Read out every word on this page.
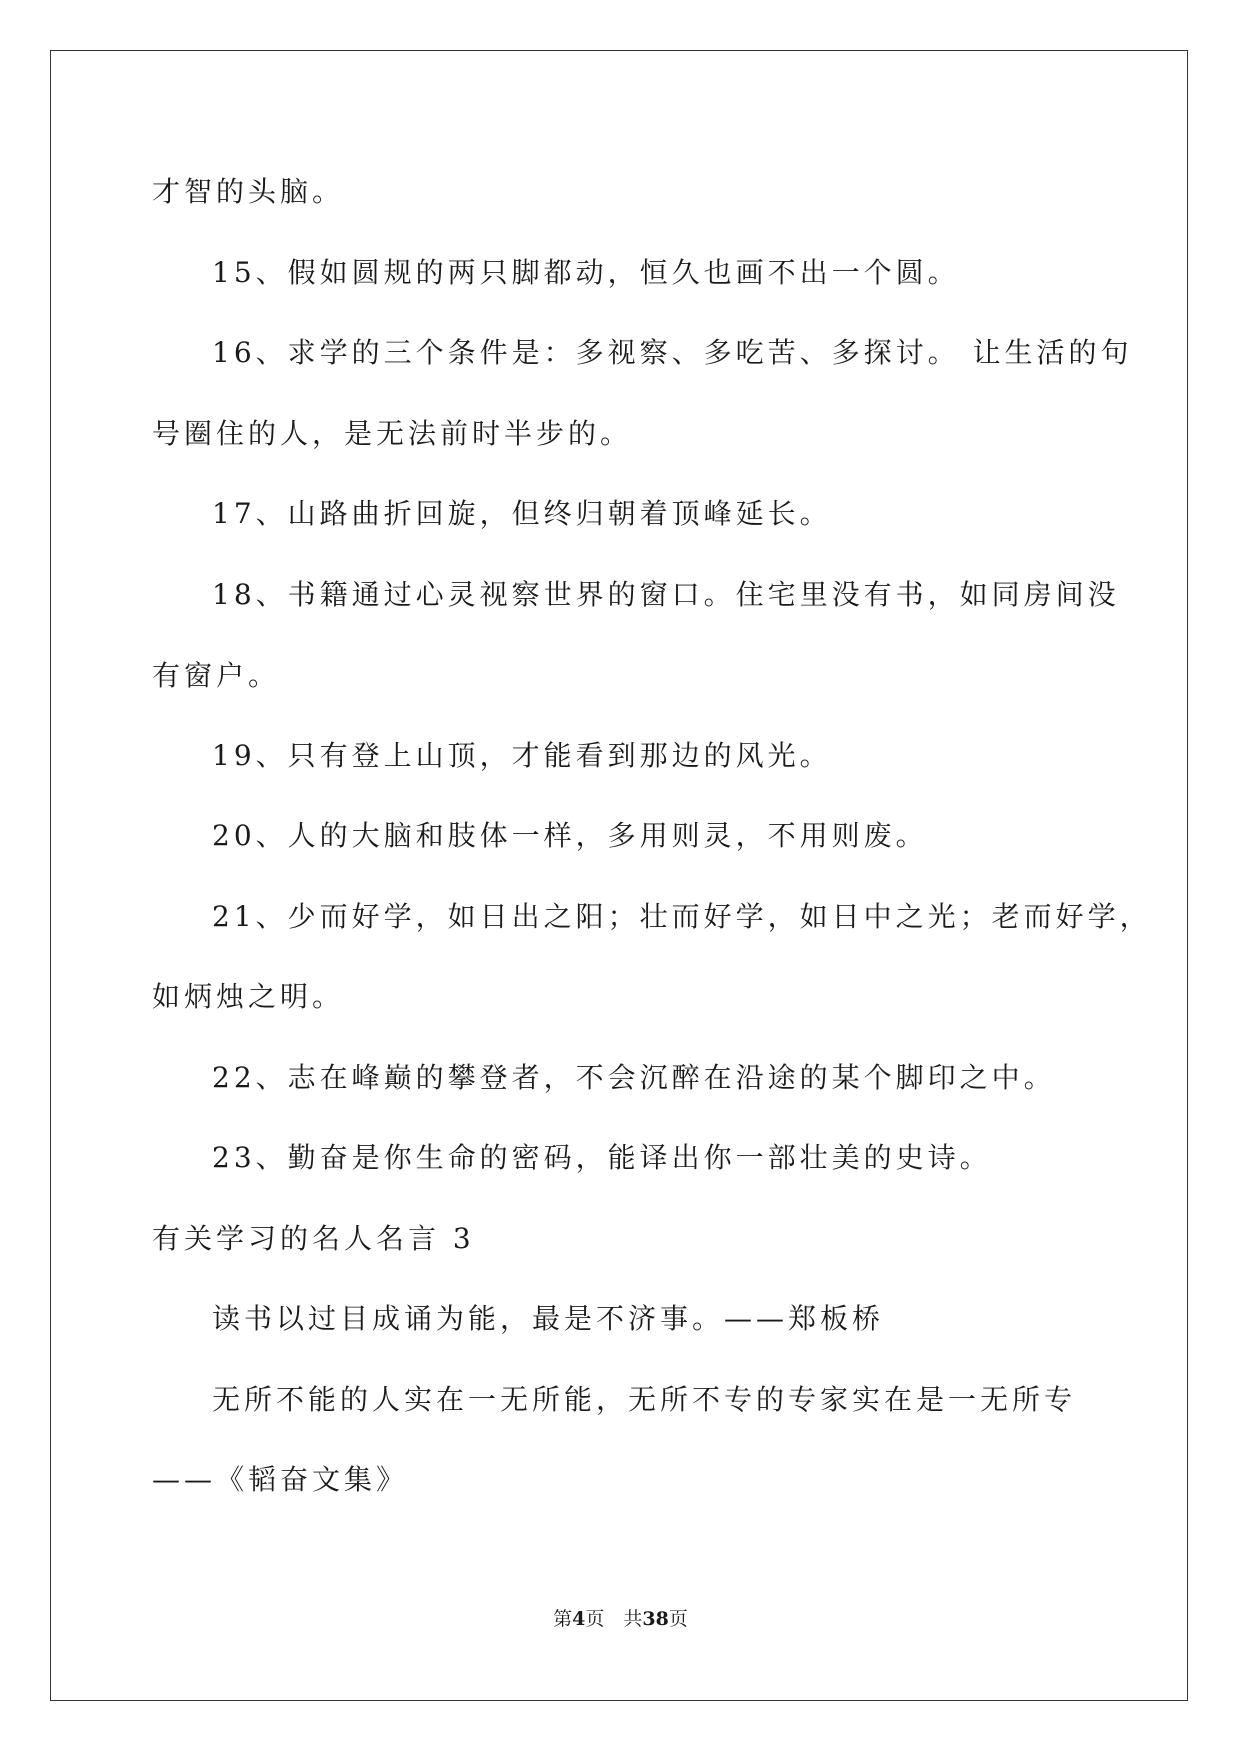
才智的头脑。
15、假如圆规的两只脚都动，恒久也画不出一个圆。
16、求学的三个条件是：多视察、多吃苦、多探讨。 让生活的句
号圈住的人，是无法前时半步的。
17、山路曲折回旋，但终归朝着顶峰延长。
18、书籍通过心灵视察世界的窗口。住宅里没有书，如同房间没
有窗户。
19、只有登上山顶，才能看到那边的风光。
20、人的大脑和肢体一样，多用则灵，不用则废。
21、少而好学，如日出之阳；壮而好学，如日中之光；老而好学，
如炳烛之明。
22、志在峰巅的攀登者，不会沉醉在沿途的某个脚印之中。
23、勤奋是你生命的密码，能译出你一部壮美的史诗。
有关学习的名人名言 3
读书以过目成诵为能，最是不济事。——郑板桥
无所不能的人实在一无所能，无所不专的专家实在是一无所专
——《韬奋文集》
第4页　共38页
